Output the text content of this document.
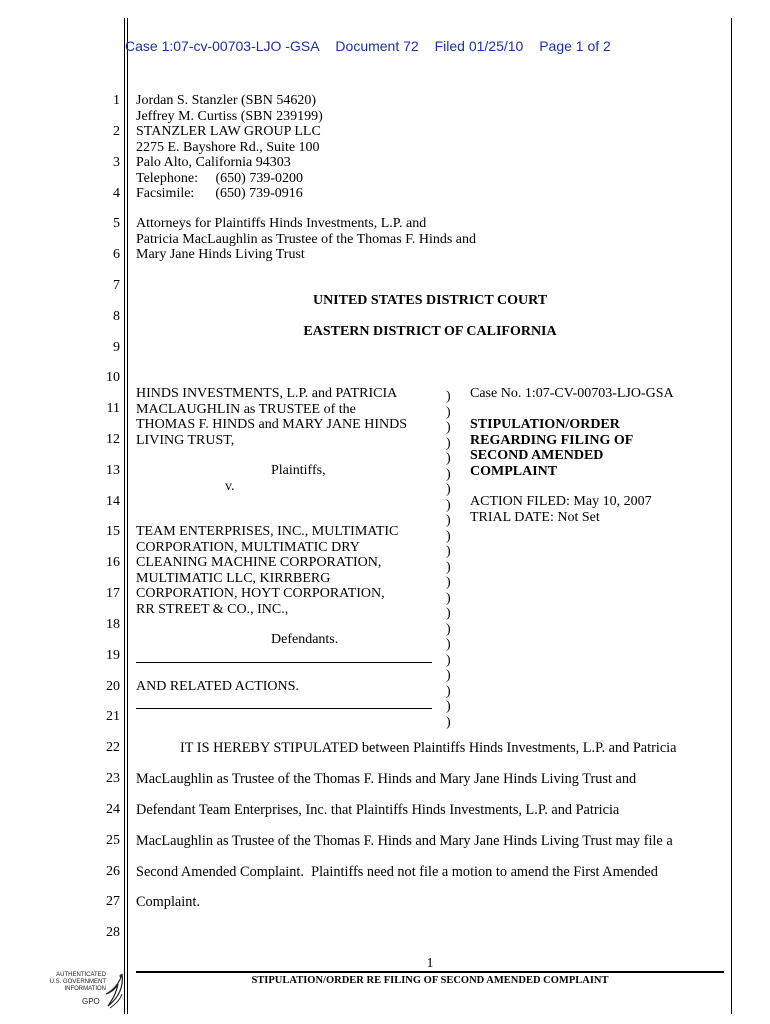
Case 1:07-cv-00703-LJO -GSA Document 72 Filed 01/25/10 Page 1 of 2
1
2
3
4
5
6
7
8
9
10
11
12
13
14
15
16
17
18
19
20
21
22
23
24
25
26
27
28
Jordan S. Stanzler (SBN 54620)
Jeffrey M. Curtiss (SBN 239199)
STANZLER LAW GROUP LLC
2275 E. Bayshore Rd., Suite 100
Palo Alto, California 94303
Telephone:     (650) 739-0200
Facsimile:      (650) 739-0916
Attorneys for Plaintiffs Hinds Investments, L.P. and
Patricia MacLaughlin as Trustee of the Thomas F. Hinds and
Mary Jane Hinds Living Trust
UNITED STATES DISTRICT COURT
EASTERN DISTRICT OF CALIFORNIA
HINDS INVESTMENTS, L.P. and PATRICIA
MACLAUGHLIN as TRUSTEE of the
THOMAS F. HINDS and MARY JANE HINDS
LIVING TRUST,
Plaintiffs,
v.
TEAM ENTERPRISES, INC., MULTIMATIC
CORPORATION, MULTIMATIC DRY
CLEANING MACHINE CORPORATION,
MULTIMATIC LLC, KIRRBERG
CORPORATION, HOYT CORPORATION,
RR STREET & CO., INC.,
Defendants.
AND RELATED ACTIONS.
)
)
)
)
)
)
)
)
)
)
)
)
)
)
)
)
)
)
)
)
)
)
Case No. 1:07-CV-00703-LJO-GSA
STIPULATION/ORDER
REGARDING FILING OF
SECOND AMENDED
COMPLAINT
ACTION FILED: May 10, 2007
TRIAL DATE: Not Set
IT IS HEREBY STIPULATED between Plaintiffs Hinds Investments, L.P. and Patricia
MacLaughlin as Trustee of the Thomas F. Hinds and Mary Jane Hinds Living Trust and
Defendant Team Enterprises, Inc. that Plaintiffs Hinds Investments, L.P. and Patricia
MacLaughlin as Trustee of the Thomas F. Hinds and Mary Jane Hinds Living Trust may file a
Second Amended Complaint.  Plaintiffs need not file a motion to amend the First Amended
Complaint.
1
STIPULATION/ORDER RE FILING OF SECOND AMENDED COMPLAINT
AUTHENTICATED
U.S. GOVERNMENT
INFORMATION
GPO
